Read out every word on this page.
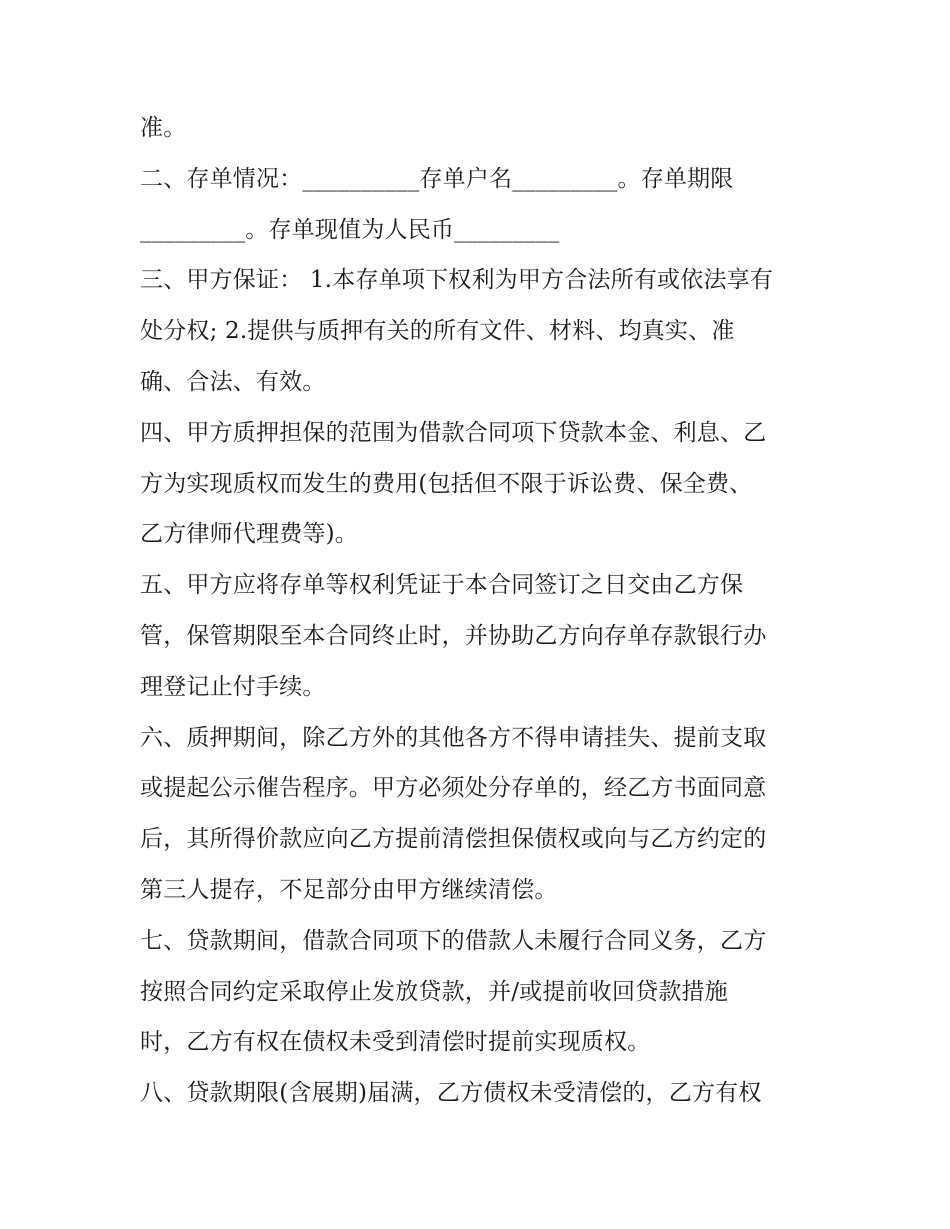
准。
二、存单情况：__________存单户名_________。存单期限
_________。存单现值为人民币_________
三、甲方保证： 1.本存单项下权利为甲方合法所有或依法享有
处分权; 2.提供与质押有关的所有文件、材料、均真实、准
确、合法、有效。
四、甲方质押担保的范围为借款合同项下贷款本金、利息、乙
方为实现质权而发生的费用(包括但不限于诉讼费、保全费、
乙方律师代理费等)。
五、甲方应将存单等权利凭证于本合同签订之日交由乙方保
管，保管期限至本合同终止时，并协助乙方向存单存款银行办
理登记止付手续。
六、质押期间，除乙方外的其他各方不得申请挂失、提前支取
或提起公示催告程序。甲方必须处分存单的，经乙方书面同意
后，其所得价款应向乙方提前清偿担保债权或向与乙方约定的
第三人提存，不足部分由甲方继续清偿。
七、贷款期间，借款合同项下的借款人未履行合同义务，乙方
按照合同约定采取停止发放贷款，并/或提前收回贷款措施
时，乙方有权在债权未受到清偿时提前实现质权。
八、贷款期限(含展期)届满，乙方债权未受清偿的，乙方有权
